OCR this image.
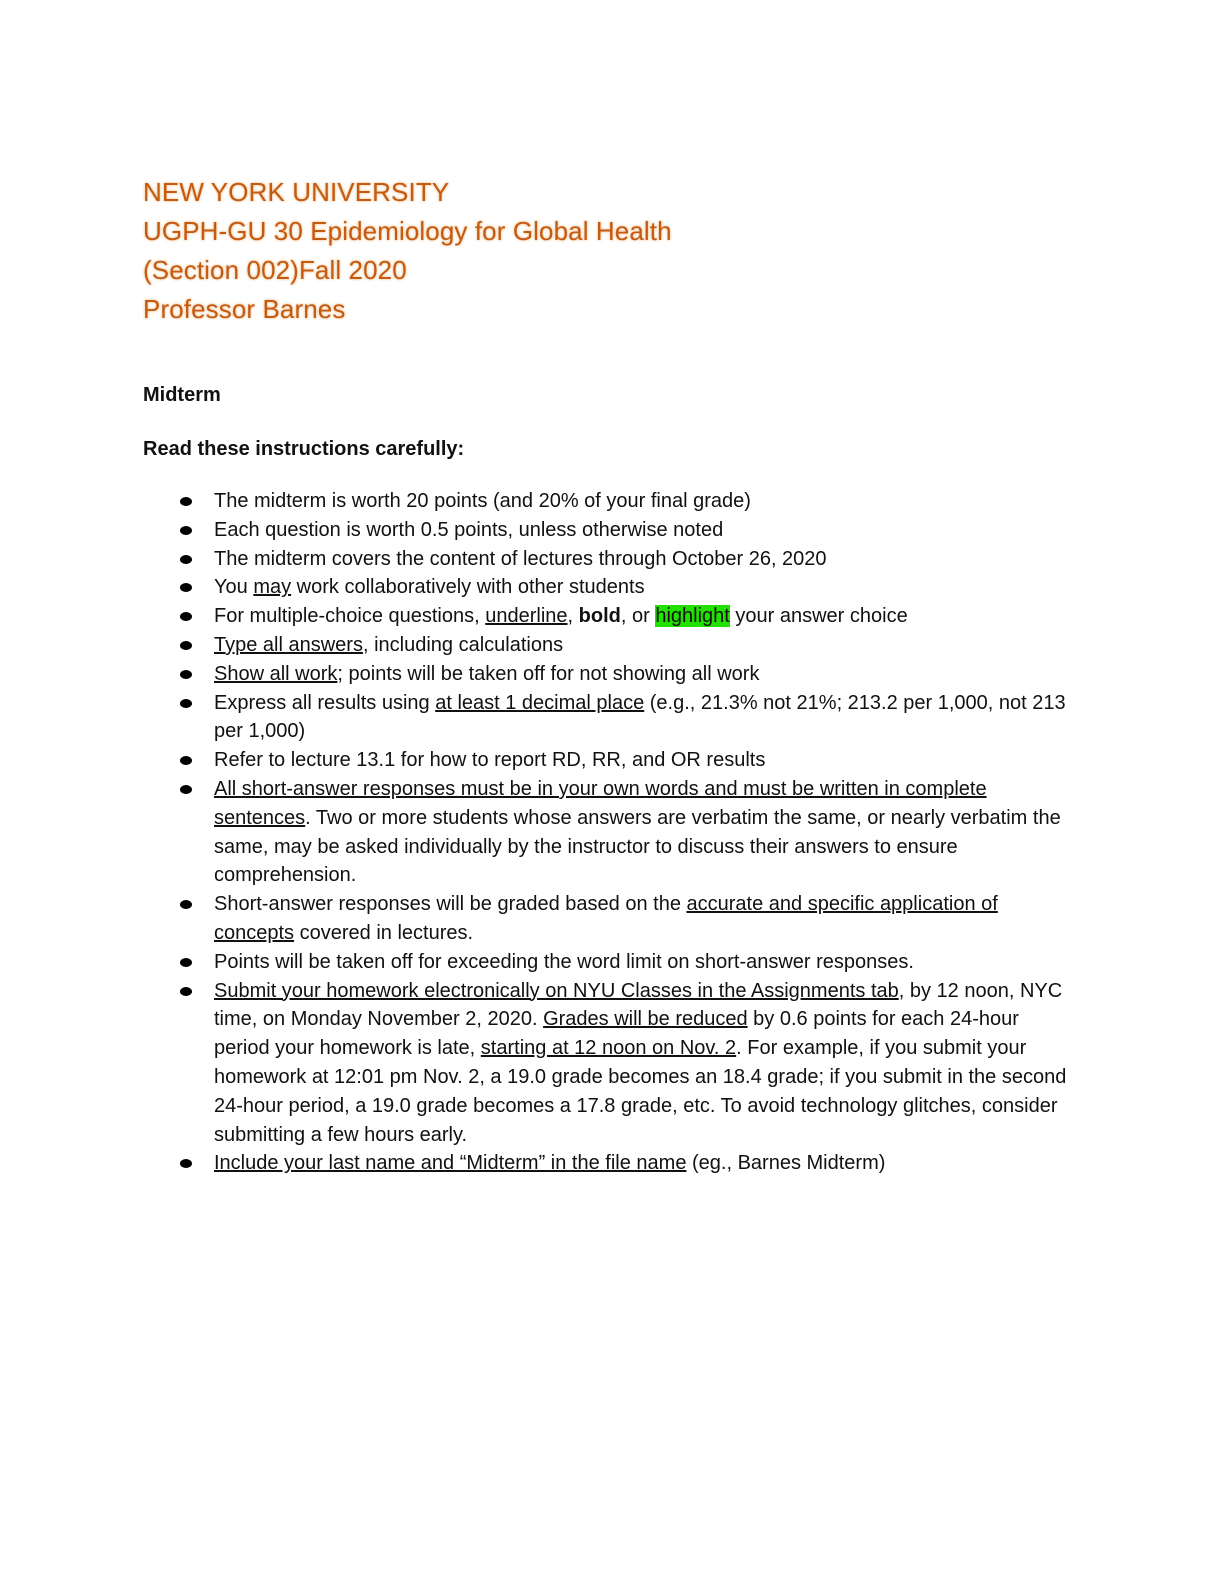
NEW YORK UNIVERSITY
UGPH-GU 30 Epidemiology for Global Health
(Section 002)Fall 2020
Professor Barnes
Midterm
Read these instructions carefully:
The midterm is worth 20 points (and 20% of your final grade)
Each question is worth 0.5 points, unless otherwise noted
The midterm covers the content of lectures through October 26, 2020
You may work collaboratively with other students
For multiple-choice questions, underline, bold, or highlight your answer choice
Type all answers, including calculations
Show all work; points will be taken off for not showing all work
Express all results using at least 1 decimal place (e.g., 21.3% not 21%; 213.2 per 1,000, not 213 per 1,000)
Refer to lecture 13.1 for how to report RD, RR, and OR results
All short-answer responses must be in your own words and must be written in complete sentences. Two or more students whose answers are verbatim the same, or nearly verbatim the same, may be asked individually by the instructor to discuss their answers to ensure comprehension.
Short-answer responses will be graded based on the accurate and specific application of concepts covered in lectures.
Points will be taken off for exceeding the word limit on short-answer responses.
Submit your homework electronically on NYU Classes in the Assignments tab, by 12 noon, NYC time, on Monday November 2, 2020. Grades will be reduced by 0.6 points for each 24-hour period your homework is late, starting at 12 noon on Nov. 2. For example, if you submit your homework at 12:01 pm Nov. 2, a 19.0 grade becomes an 18.4 grade; if you submit in the second 24-hour period, a 19.0 grade becomes a 17.8 grade, etc. To avoid technology glitches, consider submitting a few hours early.
Include your last name and “Midterm” in the file name (eg., Barnes Midterm)
